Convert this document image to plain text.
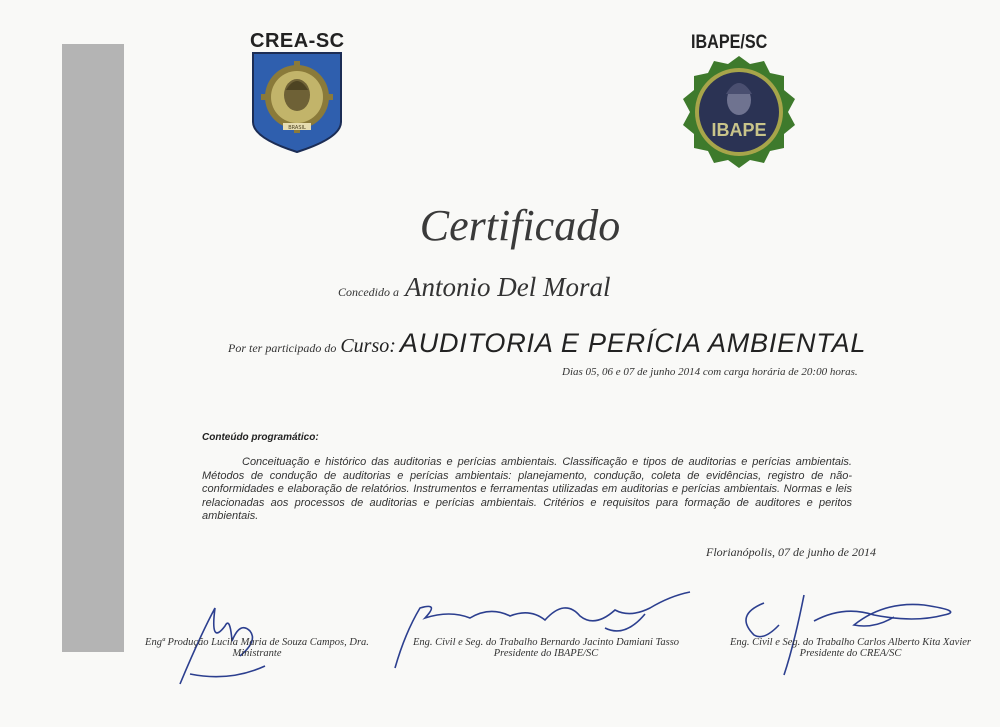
CREA-SC
BRASIL
IBAPE/SC
IBAPE
Certificado
Concedido a Antonio Del Moral
Por ter participado do Curso: AUDITORIA E PERÍCIA AMBIENTAL
Dias 05, 06 e 07 de junho 2014 com carga horária de 20:00 horas.
Conteúdo programático:
Conceituação e histórico das auditorias e perícias ambientais. Classificação e tipos de auditorias e perícias ambientais. Métodos de condução de auditorias e perícias ambientais: planejamento, condução, coleta de evidências, registro de não-conformidades e elaboração de relatórios. Instrumentos e ferramentas utilizadas em auditorias e perícias ambientais. Normas e leis relacionadas aos processos de auditorias e perícias ambientais. Critérios e requisitos para formação de auditores e peritos ambientais.
Florianópolis, 07 de junho de 2014
Engª Produção Lucila Maria de Souza Campos, Dra.
Ministrante
Eng. Civil e Seg. do Trabalho Bernardo Jacinto Damiani Tasso
Presidente do IBAPE/SC
Eng. Civil e Seg. do Trabalho Carlos Alberto Kita Xavier
Presidente do CREA/SC
